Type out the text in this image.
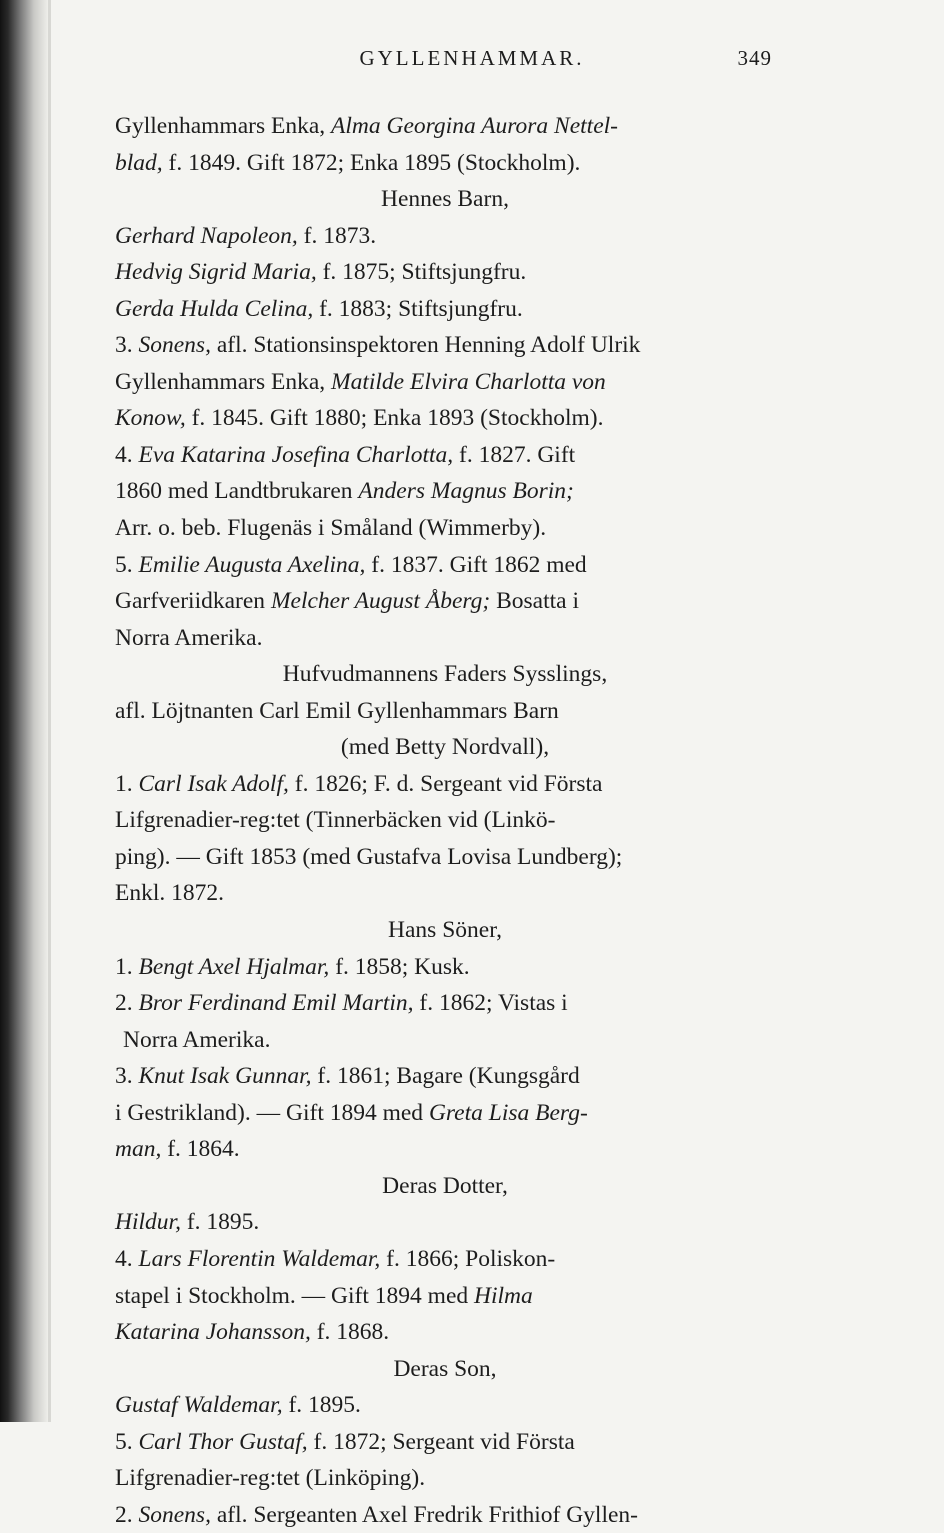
GYLLENHAMMAR.	349
Gyllenhammars Enka, Alma Georgina Aurora Nettel-
blad, f. 1849. Gift 1872; Enka 1895 (Stockholm).
Hennes Barn,
Gerhard Napoleon, f. 1873.
Hedvig Sigrid Maria, f. 1875; Stiftsjungfru.
Gerda Hulda Celina, f. 1883; Stiftsjungfru.
3. Sonens, afl. Stationsinspektoren Henning Adolf Ulrik
Gyllenhammars Enka, Matilde Elvira Charlotta von
Konow, f. 1845. Gift 1880; Enka 1893 (Stockholm).
4. Eva Katarina Josefina Charlotta, f. 1827. Gift
1860 med Landtbrukaren Anders Magnus Borin;
Arr. o. beb. Flugenäs i Småland (Wimmerby).
5. Emilie Augusta Axelina, f. 1837. Gift 1862 med
Garfveriidkaren Melcher August Åberg; Bosatta i
Norra Amerika.
Hufvudmannens Faders Sysslings,
afl. Löjtnanten Carl Emil Gyllenhammars Barn
(med Betty Nordvall),
1. Carl Isak Adolf, f. 1826; F. d. Sergeant vid Första
Lifgrenadier-reg:tet (Tinnerbäcken vid (Linkö-
ping). — Gift 1853 (med Gustafva Lovisa Lundberg);
Enkl. 1872.
Hans Söner,
1. Bengt Axel Hjalmar, f. 1858; Kusk.
2. Bror Ferdinand Emil Martin, f. 1862; Vistas i
Norra Amerika.
3. Knut Isak Gunnar, f. 1861; Bagare (Kungsgård
i Gestrikland). — Gift 1894 med Greta Lisa Berg-
man, f. 1864.
Deras Dotter,
Hildur, f. 1895.
4. Lars Florentin Waldemar, f. 1866; Poliskon-
stapel i Stockholm. — Gift 1894 med Hilma
Katarina Johansson, f. 1868.
Deras Son,
Gustaf Waldemar, f. 1895.
5. Carl Thor Gustaf, f. 1872; Sergeant vid Första
Lifgrenadier-reg:tet (Linköping).
2. Sonens, afl. Sergeanten Axel Fredrik Frithiof Gyllen-
